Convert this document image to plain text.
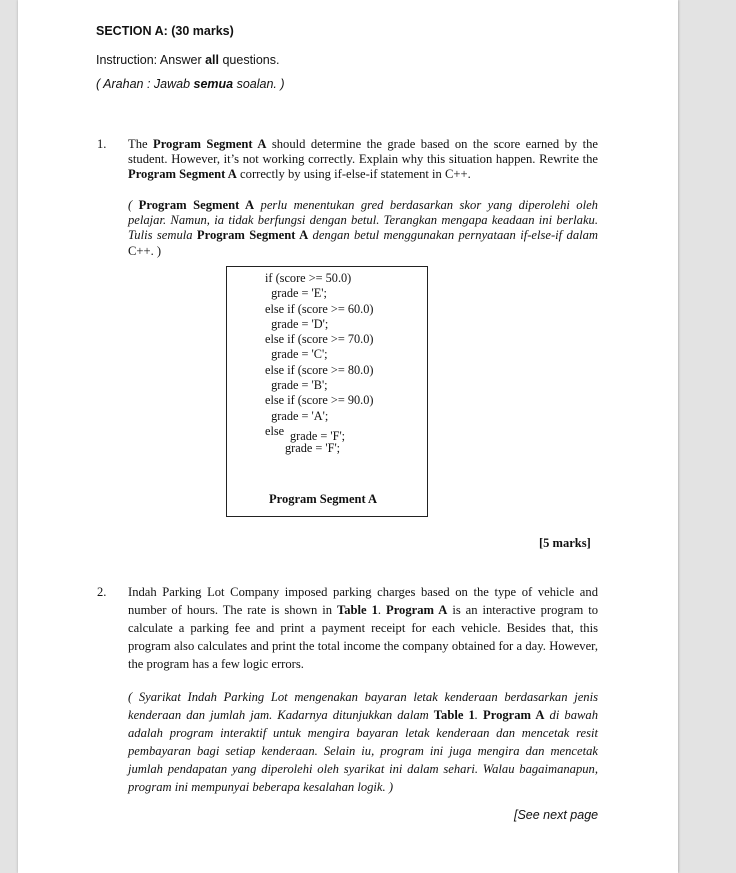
SECTION A: (30 marks)
Instruction: Answer all questions.
( Arahan : Jawab semua soalan. )
1. The Program Segment A should determine the grade based on the score earned by the student. However, it’s not working correctly. Explain why this situation happen. Rewrite the Program Segment A correctly by using if-else-if statement in C++.
( Program Segment A perlu menentukan gred berdasarkan skor yang diperolehi oleh pelajar. Namun, ia tidak berfungsi dengan betul. Terangkan mengapa keadaan ini berlaku. Tulis semula Program Segment A dengan betul menggunakan pernyataan if-else-if dalam C++. )
if (score >= 50.0)
grade = 'E';
else if (score >= 60.0)
grade = 'D';
else if (score >= 70.0)
grade = 'C';
else if (score >= 80.0)
grade = 'B';
else if (score >= 90.0)
grade = 'A';
else grade = 'F';
grade = 'F';
Program Segment A
[5 marks]
2. Indah Parking Lot Company imposed parking charges based on the type of vehicle and number of hours. The rate is shown in Table 1. Program A is an interactive program to calculate a parking fee and print a payment receipt for each vehicle. Besides that, this program also calculates and print the total income the company obtained for a day. However, the program has a few logic errors.
( Syarikat Indah Parking Lot mengenakan bayaran letak kenderaan berdasarkan jenis kenderaan dan jumlah jam. Kadarnya ditunjukkan dalam Table 1. Program A di bawah adalah program interaktif untuk mengira bayaran letak kenderaan dan mencetak resit pembayaran bagi setiap kenderaan. Selain iu, program ini juga mengira dan mencetak jumlah pendapatan yang diperolehi oleh syarikat ini dalam sehari. Walau bagaimanapun, program ini mempunyai beberapa kesalahan logik. )
[See next page
